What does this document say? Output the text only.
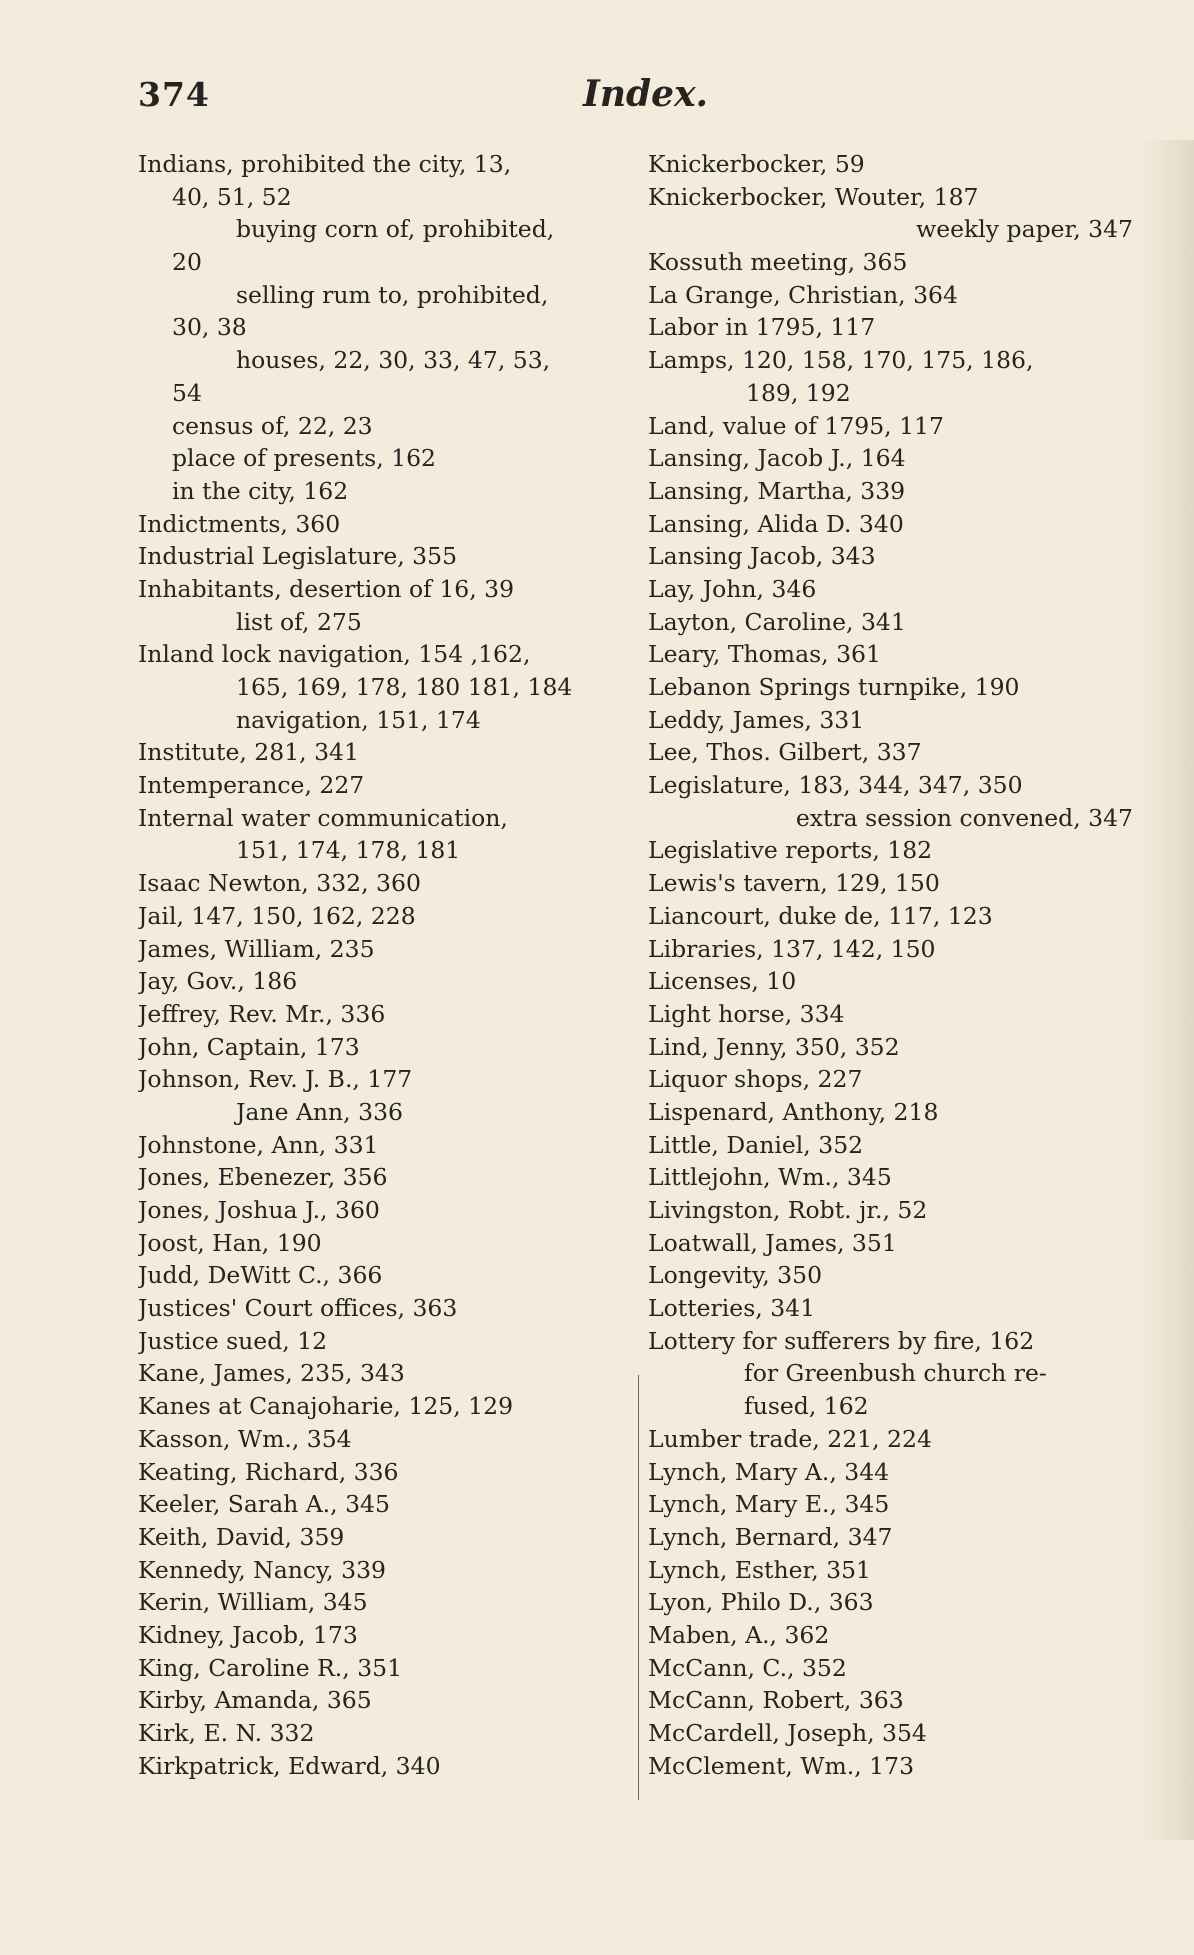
374	Index.
Indians, prohibited the city, 13,
40, 51, 52
buying corn of, prohibited,
20
selling rum to, prohibited,
30, 38
houses, 22, 30, 33, 47, 53,
54
census of, 22, 23
place of presents, 162
in the city, 162
Indictments, 360
Industrial Legislature, 355
Inhabitants, desertion of 16, 39
list of, 275
Inland lock navigation, 154 ,162,
165, 169, 178, 180 181, 184
navigation, 151, 174
Institute, 281, 341
Intemperance, 227
Internal water communication,
151, 174, 178, 181
Isaac Newton, 332, 360
Jail, 147, 150, 162, 228
James, William, 235
Jay, Gov., 186
Jeffrey, Rev. Mr., 336
John, Captain, 173
Johnson, Rev. J. B., 177
Jane Ann, 336
Johnstone, Ann, 331
Jones, Ebenezer, 356
Jones, Joshua J., 360
Joost, Han, 190
Judd, DeWitt C., 366
Justices' Court offices, 363
Justice sued, 12
Kane, James, 235, 343
Kanes at Canajoharie, 125, 129
Kasson, Wm., 354
Keating, Richard, 336
Keeler, Sarah A., 345
Keith, David, 359
Kennedy, Nancy, 339
Kerin, William, 345
Kidney, Jacob, 173
King, Caroline R., 351
Kirby, Amanda, 365
Kirk, E. N. 332
Kirkpatrick, Edward, 340
Knickerbocker, 59
Knickerbocker, Wouter, 187
weekly paper, 347
Kossuth meeting, 365
La Grange, Christian, 364
Labor in 1795, 117
Lamps, 120, 158, 170, 175, 186,
189, 192
Land, value of 1795, 117
Lansing, Jacob J., 164
Lansing, Martha, 339
Lansing, Alida D. 340
Lansing Jacob, 343
Lay, John, 346
Layton, Caroline, 341
Leary, Thomas, 361
Lebanon Springs turnpike, 190
Leddy, James, 331
Lee, Thos. Gilbert, 337
Legislature, 183, 344, 347, 350
extra session convened, 347
Legislative reports, 182
Lewis's tavern, 129, 150
Liancourt, duke de, 117, 123
Libraries, 137, 142, 150
Licenses, 10
Light horse, 334
Lind, Jenny, 350, 352
Liquor shops, 227
Lispenard, Anthony, 218
Little, Daniel, 352
Littlejohn, Wm., 345
Livingston, Robt. jr., 52
Loatwall, James, 351
Longevity, 350
Lotteries, 341
Lottery for sufferers by fire, 162
for Greenbush church re-
fused, 162
Lumber trade, 221, 224
Lynch, Mary A., 344
Lynch, Mary E., 345
Lynch, Bernard, 347
Lynch, Esther, 351
Lyon, Philo D., 363
Maben, A., 362
McCann, C., 352
McCann, Robert, 363
McCardell, Joseph, 354
McClement, Wm., 173
